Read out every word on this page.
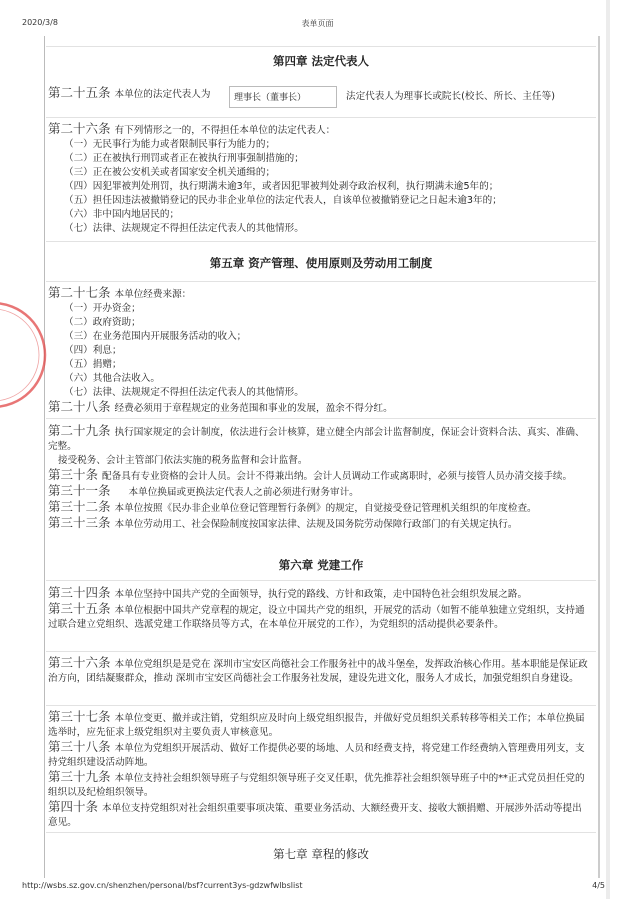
2020/3/8	表单页面
第四章 法定代表人
第二十五条 本单位的法定代表人为	理事长（董事长）	法定代表人为理事长或院长(校长、所长、主任等)
第二十六条 有下列情形之一的，不得担任本单位的法定代表人：
（一）无民事行为能力或者限制民事行为能力的；
（二）正在被执行刑罚或者正在被执行刑事强制措施的；
（三）正在被公安机关或者国家安全机关通缉的；
（四）因犯罪被判处刑罚，执行期满未逾3年，或者因犯罪被判处剥夺政治权利，执行期满未逾5年的；
（五）担任因违法被撤销登记的民办非企业单位的法定代表人，自该单位被撤销登记之日起未逾3年的；
（六）非中国内地居民的；
（七）法律、法规规定不得担任法定代表人的其他情形。
第五章 资产管理、使用原则及劳动用工制度
第二十七条 本单位经费来源：
（一）开办资金；
（二）政府资助；
（三）在业务范围内开展服务活动的收入；
（四）利息；
（五）捐赠；
（六）其他合法收入。
（七）法律、法规规定不得担任法定代表人的其他情形。
第二十八条 经费必须用于章程规定的业务范围和事业的发展，盈余不得分红。
第二十九条 执行国家规定的会计制度，依法进行会计核算，建立健全内部会计监督制度，保证会计资料合法、真实、准确、完整。
接受税务、会计主管部门依法实施的税务监督和会计监督。
第三十条 配备具有专业资格的会计人员。会计不得兼出纳。会计人员调动工作或离职时，必须与接管人员办清交接手续。
第三十一条 本单位换届或更换法定代表人之前必须进行财务审计。
第三十二条 本单位按照《民办非企业单位登记管理暂行条例》的规定，自觉接受登记管理机关组织的年度检查。
第三十三条 本单位劳动用工、社会保险制度按国家法律、法规及国务院劳动保障行政部门的有关规定执行。
第六章 党建工作
第三十四条 本单位坚持中国共产党的全面领导，执行党的路线、方针和政策，走中国特色社会组织发展之路。
第三十五条 本单位根据中国共产党章程的规定，设立中国共产党的组织，开展党的活动（如暂不能单独建立党组织，支持通过联合建立党组织、选派党建工作联络员等方式，在本单位开展党的工作），为党组织的活动提供必要条件。
第三十六条 本单位党组织是是党在 深圳市宝安区尚德社会工作服务社中的战斗堡垒，发挥政治核心作用。基本职能是保证政治方向，团结凝聚群众，推动 深圳市宝安区尚德社会工作服务社发展，建设先进文化，服务人才成长，加强党组织自身建设。
第三十七条 本单位变更、撤并或注销，党组织应及时向上级党组织报告，并做好党员组织关系转移等相关工作；本单位换届选举时，应先征求上级党组织对主要负责人审核意见。
第三十八条 本单位为党组织开展活动、做好工作提供必要的场地、人员和经费支持，将党建工作经费纳入管理费用列支，支持党组织建设活动阵地。
第三十九条 本单位支持社会组织领导班子与党组织领导班子交叉任职，优先推荐社会组织领导班子中的**正式党员担任党的组织以及纪检组织领导。
第四十条 本单位支持党组织对社会组织重要事项决策、重要业务活动、大额经费开支、接收大额捐赠、开展涉外活动等提出意见。
第七章 章程的修改
http://wsbs.sz.gov.cn/shenzhen/personal/bsf?current3ys-gdzwfwlbslist	4/5
